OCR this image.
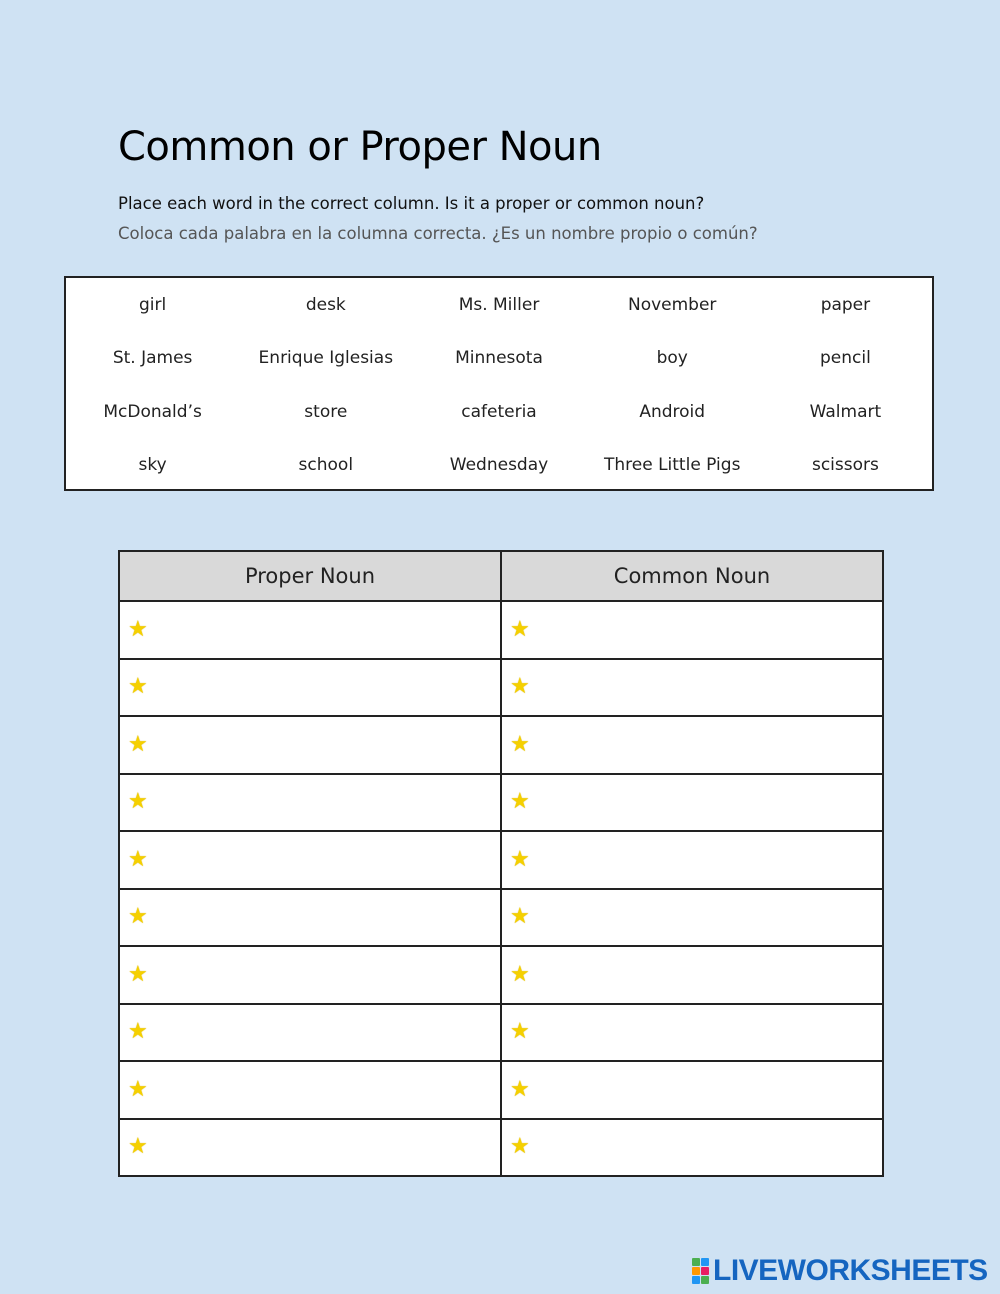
Common or Proper Noun
Place each word in the correct column. Is it a proper or common noun?
Coloca cada palabra en la columna correcta. ¿Es un nombre propio o común?
girl	desk	Ms. Miller	November	paper
St. James	Enrique Iglesias	Minnesota	boy	pencil
McDonald’s	store	cafeteria	Android	Walmart
sky	school	Wednesday	Three Little Pigs	scissors
Proper Noun	Common Noun
★	★
★	★
★	★
★	★
★	★
★	★
★	★
★	★
★	★
★	★
LIVEWORKSHEETS
